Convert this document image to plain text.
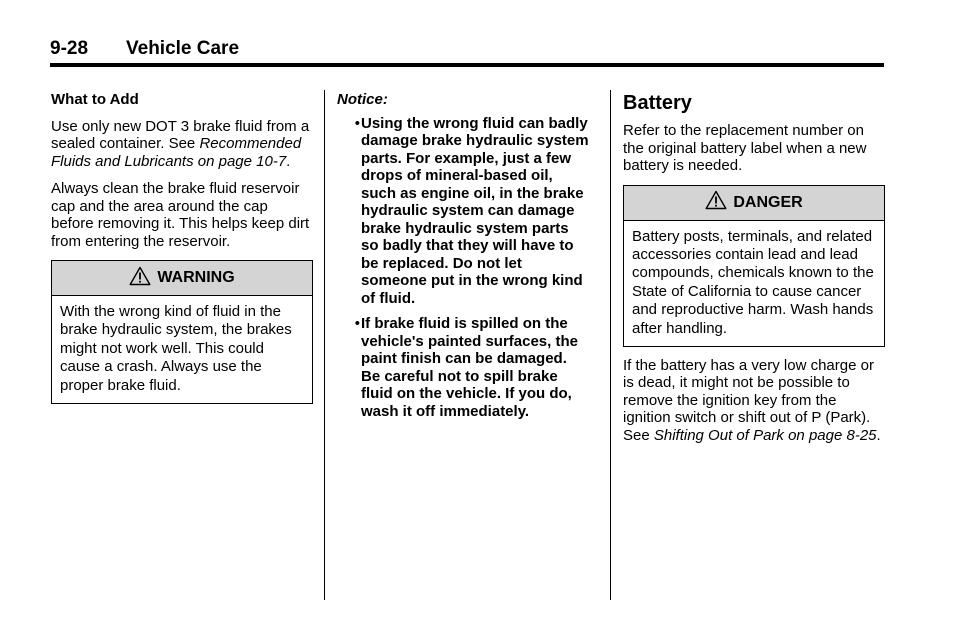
9-28 Vehicle Care
What to Add

Use only new DOT 3 brake fluid from a sealed container. See Recommended Fluids and Lubricants on page 10-7.

Always clean the brake fluid reservoir cap and the area around the cap before removing it. This helps keep dirt from entering the reservoir.

WARNING
With the wrong kind of fluid in the brake hydraulic system, the brakes might not work well. This could cause a crash. Always use the proper brake fluid.
Notice:
• Using the wrong fluid can badly damage brake hydraulic system parts. For example, just a few drops of mineral-based oil, such as engine oil, in the brake hydraulic system can damage brake hydraulic system parts so badly that they will have to be replaced. Do not let someone put in the wrong kind of fluid.
• If brake fluid is spilled on the vehicle's painted surfaces, the paint finish can be damaged. Be careful not to spill brake fluid on the vehicle. If you do, wash it off immediately.
Battery

Refer to the replacement number on the original battery label when a new battery is needed.

DANGER
Battery posts, terminals, and related accessories contain lead and lead compounds, chemicals known to the State of California to cause cancer and reproductive harm. Wash hands after handling.

If the battery has a very low charge or is dead, it might not be possible to remove the ignition key from the ignition switch or shift out of P (Park). See Shifting Out of Park on page 8-25.
